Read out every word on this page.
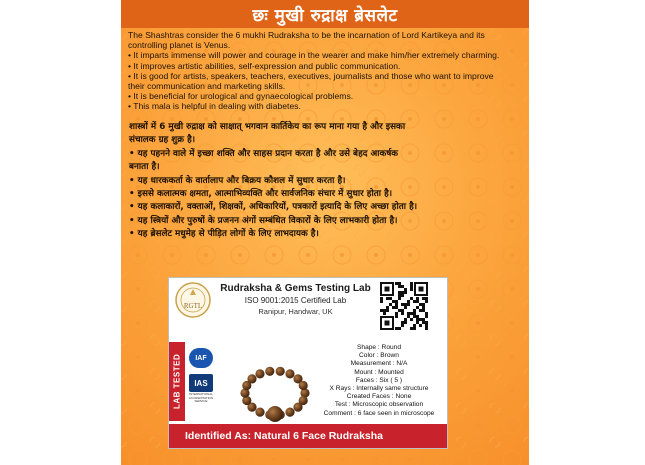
छः मुखी रुद्राक्ष ब्रेसलेट

The Shashtras consider the 6 mukhi Rudraksha to be the incarnation of Lord Kartikeya and its

controlling planet is Venus.

• It imparts immense will power and courage in the wearer and make him/her extremely charming.

• It improves artistic abilities, self-expression and public communication.

• It is good for artists, speakers, teachers, executives, journalists and those who want to improve

their communication and marketing skills.

• It is beneficial for urological and gynaecological problems.

• This mala is helpful in dealing with diabetes.

शास्त्रों में 6 मुखी रुद्राक्ष को साक्षात् भगवान कार्तिकेय का रूप माना गया है और इसका

संचालक ग्रह शुक्र है।

• यह पहनने वाले में इच्छा शक्ति और साहस प्रदान करता है और उसे बेहद आकर्षक

बनाता है।

• यह धारककर्ता के वार्तालाप और बिक्रय कौशल में सुधार करता है।

• इससे कलात्मक क्षमता, आत्माभिव्यक्ति और सार्वजनिक संचार में सुधार होता है।

• यह कलाकारों, वक्ताओं, शिक्षकों, अधिकारियों, पत्रकारों इत्यादि के लिए अच्छा होता है।

• यह स्त्रियों और पुरुषों के प्रजनन अंगों सम्बंधित विकारों के लिए लाभकारी होता है।

• यह ब्रेसलेट मधुमेह से पीड़ित लोगों के लिए लाभदायक है।

RGTL
Rudraksha & Gems Testing Lab
ISO 9001:2015 Certified Lab
Ranipur, Handwar, UK
LAB TESTED	IAF
IAS
INTERNATIONAL ACCREDITATION SERVICE
Shape : Round
Color : Brown
Measurement : N/A
Mount : Mounted
Faces : Six ( 5 )
X Rays : Internally same structure
Created Faces : None
Test : Microscopic observation
Comment : 6 face seen in microscope
Identified As: Natural 6 Face Rudraksha
